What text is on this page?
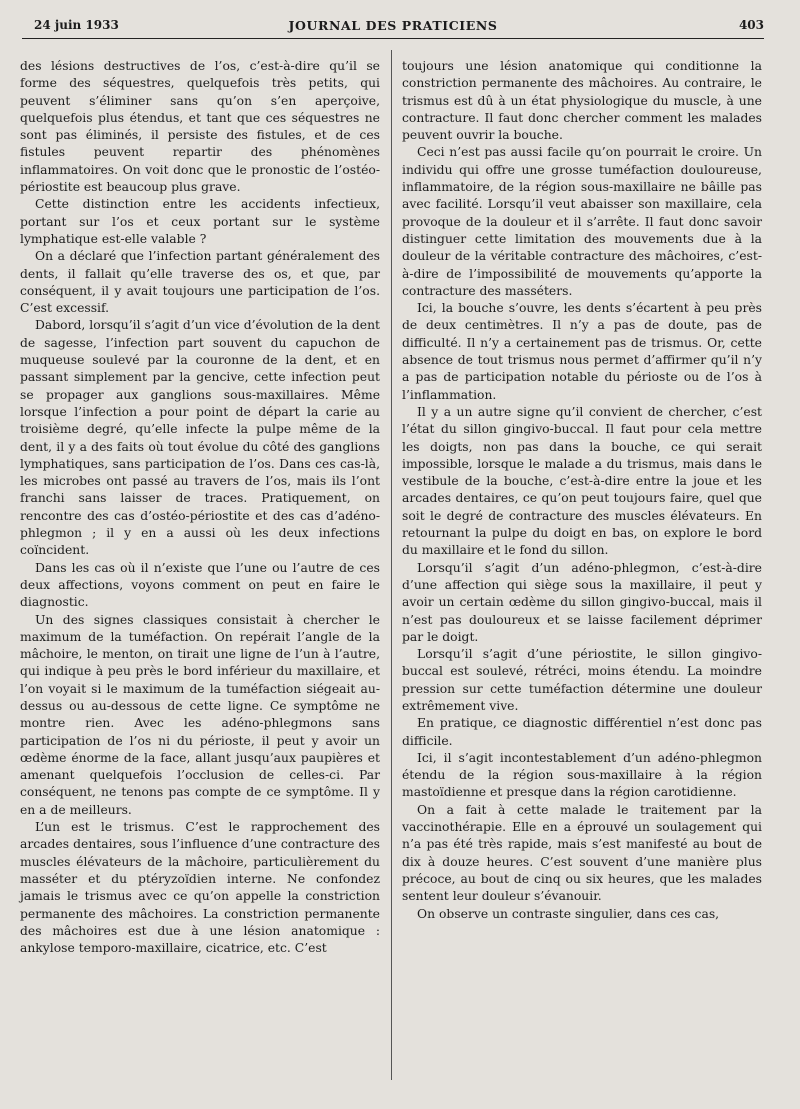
24 juin 1933	JOURNAL DES PRATICIENS	403

des lésions destructives de l’os, c’est-à-dire qu’il se forme des séquestres, quelquefois très petits, qui peuvent s’éliminer sans qu’on s’en aperçoive, quelquefois plus étendus, et tant que ces séquestres ne sont pas éliminés, il persiste des fistules, et de ces fistules peuvent repartir des phénomènes inflammatoires. On voit donc que le pronostic de l’ostéo-périostite est beaucoup plus grave.

Cette distinction entre les accidents infectieux, portant sur l’os et ceux portant sur le système lymphatique est-elle valable ?

On a déclaré que l’infection partant généralement des dents, il fallait qu’elle traverse des os, et que, par conséquent, il y avait toujours une participation de l’os. C’est excessif.

Dabord, lorsqu’il s’agit d’un vice d’évolution de la dent de sagesse, l’infection part souvent du capuchon de muqueuse soulevé par la couronne de la dent, et en passant simplement par la gencive, cette infection peut se propager aux ganglions sous-maxillaires. Même lorsque l’infection a pour point de départ la carie au troisième degré, qu’elle infecte la pulpe même de la dent, il y a des faits où tout évolue du côté des ganglions lymphatiques, sans participation de l’os. Dans ces cas-là, les microbes ont passé au travers de l’os, mais ils l’ont franchi sans laisser de traces. Pratiquement, on rencontre des cas d’ostéo-périostite et des cas d’adéno-phlegmon ; il y en a aussi où les deux infections coïncident.

Dans les cas où il n’existe que l’une ou l’autre de ces deux affections, voyons comment on peut en faire le diagnostic.

Un des signes classiques consistait à chercher le maximum de la tuméfaction. On repérait l’angle de la mâchoire, le menton, on tirait une ligne de l’un à l’autre, qui indique à peu près le bord inférieur du maxillaire, et l’on voyait si le maximum de la tuméfaction siégeait au-dessus ou au-dessous de cette ligne. Ce symptôme ne montre rien. Avec les adéno-phlegmons sans participation de l’os ni du périoste, il peut y avoir un œdème énorme de la face, allant jusqu’aux paupières et amenant quelquefois l’occlusion de celles-ci. Par conséquent, ne tenons pas compte de ce symptôme. Il y en a de meilleurs.

L’un est le trismus. C’est le rapprochement des arcades dentaires, sous l’influence d’une contracture des muscles élévateurs de la mâchoire, particulièrement du masséter et du ptéryzoïdien interne. Ne confondez jamais le trismus avec ce qu’on appelle la constriction permanente des mâchoires. La constriction permanente des mâchoires est due à une lésion anatomique : ankylose temporo-maxillaire, cicatrice, etc. C’est

toujours une lésion anatomique qui conditionne la constriction permanente des mâchoires. Au contraire, le trismus est dû à un état physiologique du muscle, à une contracture. Il faut donc chercher comment les malades peuvent ouvrir la bouche.

Ceci n’est pas aussi facile qu’on pourrait le croire. Un individu qui offre une grosse tuméfaction douloureuse, inflammatoire, de la région sous-maxillaire ne bâille pas avec facilité. Lorsqu’il veut abaisser son maxillaire, cela provoque de la douleur et il s’arrête. Il faut donc savoir distinguer cette limitation des mouvements due à la douleur de la véritable contracture des mâchoires, c’est-à-dire de l’impossibilité de mouvements qu’apporte la contracture des masséters.

Ici, la bouche s’ouvre, les dents s’écartent à peu près de deux centimètres. Il n’y a pas de doute, pas de difficulté. Il n’y a certainement pas de trismus. Or, cette absence de tout trismus nous permet d’affirmer qu’il n’y a pas de participation notable du périoste ou de l’os à l’inflammation.

Il y a un autre signe qu’il convient de chercher, c’est l’état du sillon gingivo-buccal. Il faut pour cela mettre les doigts, non pas dans la bouche, ce qui serait impossible, lorsque le malade a du trismus, mais dans le vestibule de la bouche, c’est-à-dire entre la joue et les arcades dentaires, ce qu’on peut toujours faire, quel que soit le degré de contracture des muscles élévateurs. En retournant la pulpe du doigt en bas, on explore le bord du maxillaire et le fond du sillon.

Lorsqu’il s’agit d’un adéno-phlegmon, c’est-à-dire d’une affection qui siège sous la maxillaire, il peut y avoir un certain œdème du sillon gingivo-buccal, mais il n’est pas douloureux et se laisse facilement déprimer par le doigt.

Lorsqu’il s’agit d’une périostite, le sillon gingivo-buccal est soulevé, rétréci, moins étendu. La moindre pression sur cette tuméfaction détermine une douleur extrêmement vive.

En pratique, ce diagnostic différentiel n’est donc pas difficile.

Ici, il s’agit incontestablement d’un adéno-phlegmon étendu de la région sous-maxillaire à la région mastoïdienne et presque dans la région carotidienne.

On a fait à cette malade le traitement par la vaccinothérapie. Elle en a éprouvé un soulagement qui n’a pas été très rapide, mais s’est manifesté au bout de dix à douze heures. C’est souvent d’une manière plus précoce, au bout de cinq ou six heures, que les malades sentent leur douleur s’évanouir.

On observe un contraste singulier, dans ces cas,
